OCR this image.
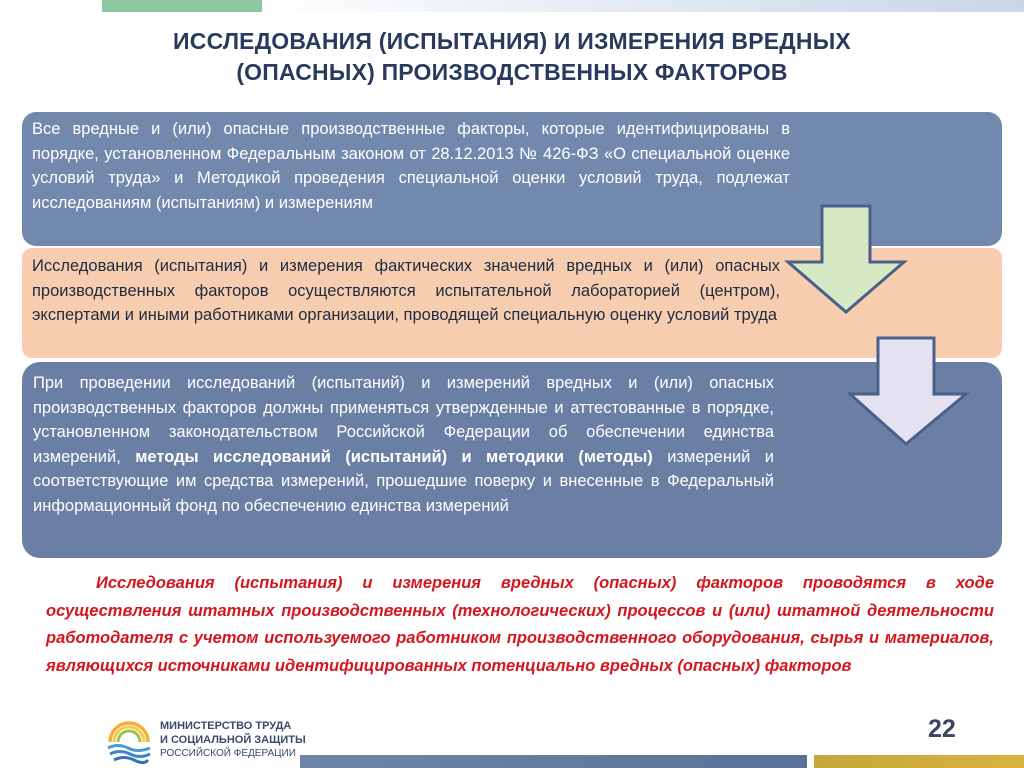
ИССЛЕДОВАНИЯ (ИСПЫТАНИЯ) И ИЗМЕРЕНИЯ ВРЕДНЫХ
(ОПАСНЫХ) ПРОИЗВОДСТВЕННЫХ ФАКТОРОВ

Все вредные и (или) опасные производственные факторы, которые идентифицированы в порядке, установленном Федеральным законом от 28.12.2013 № 426-ФЗ «О специальной оценке условий труда» и Методикой проведения специальной оценки условий труда, подлежат исследованиям (испытаниям) и измерениям

Исследования (испытания) и измерения фактических значений вредных и (или) опасных производственных факторов осуществляются испытательной лабораторией (центром), экспертами и иными работниками организации, проводящей специальную оценку условий труда

При проведении исследований (испытаний) и измерений вредных и (или) опасных производственных факторов должны применяться утвержденные и аттестованные в порядке, установленном законодательством Российской Федерации об обеспечении единства измерений, методы исследований (испытаний) и методики (методы) измерений и соответствующие им средства измерений, прошедшие поверку и внесенные в Федеральный информационный фонд по обеспечению единства измерений

Исследования (испытания) и измерения вредных (опасных) факторов проводятся в ходе осуществления штатных производственных (технологических) процессов и (или) штатной деятельности работодателя с учетом используемого работником производственного оборудования, сырья и материалов, являющихся источниками идентифицированных потенциально вредных (опасных) факторов
МИНИСТЕРСТВО ТРУДА
И СОЦИАЛЬНОЙ ЗАЩИТЫ
РОССИЙСКОЙ ФЕДЕРАЦИИ
22
